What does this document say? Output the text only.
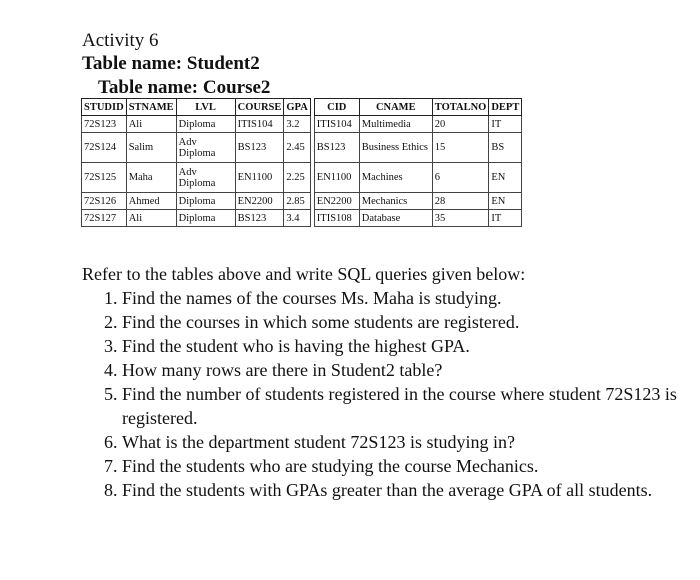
Activity 6
Table name: Student2
Table name: Course2
STUDID	STNAME	LVL	COURSE	GPA
72S123	Ali	Diploma	ITIS104	3.2
72S124	Salim	Adv Diploma	BS123	2.45
72S125	Maha	Adv Diploma	EN1100	2.25
72S126	Ahmed	Diploma	EN2200	2.85
72S127	Ali	Diploma	BS123	3.4
CID	CNAME	TOTALNO	DEPT
ITIS104	Multimedia	20	IT
BS123	Business Ethics	15	BS
EN1100	Machines	6	EN
EN2200	Mechanics	28	EN
ITIS108	Database	35	IT

Refer to the tables above and write SQL queries given below:

1. Find the names of the courses Ms. Maha is studying.
2. Find the courses in which some students are registered.
3. Find the student who is having the highest GPA.
4. How many rows are there in Student2 table?
5. Find the number of students registered in the course where student 72S123 is registered.
6. What is the department student 72S123 is studying in?
7. Find the students who are studying the course Mechanics.
8. Find the students with GPAs greater than the average GPA of all students.
